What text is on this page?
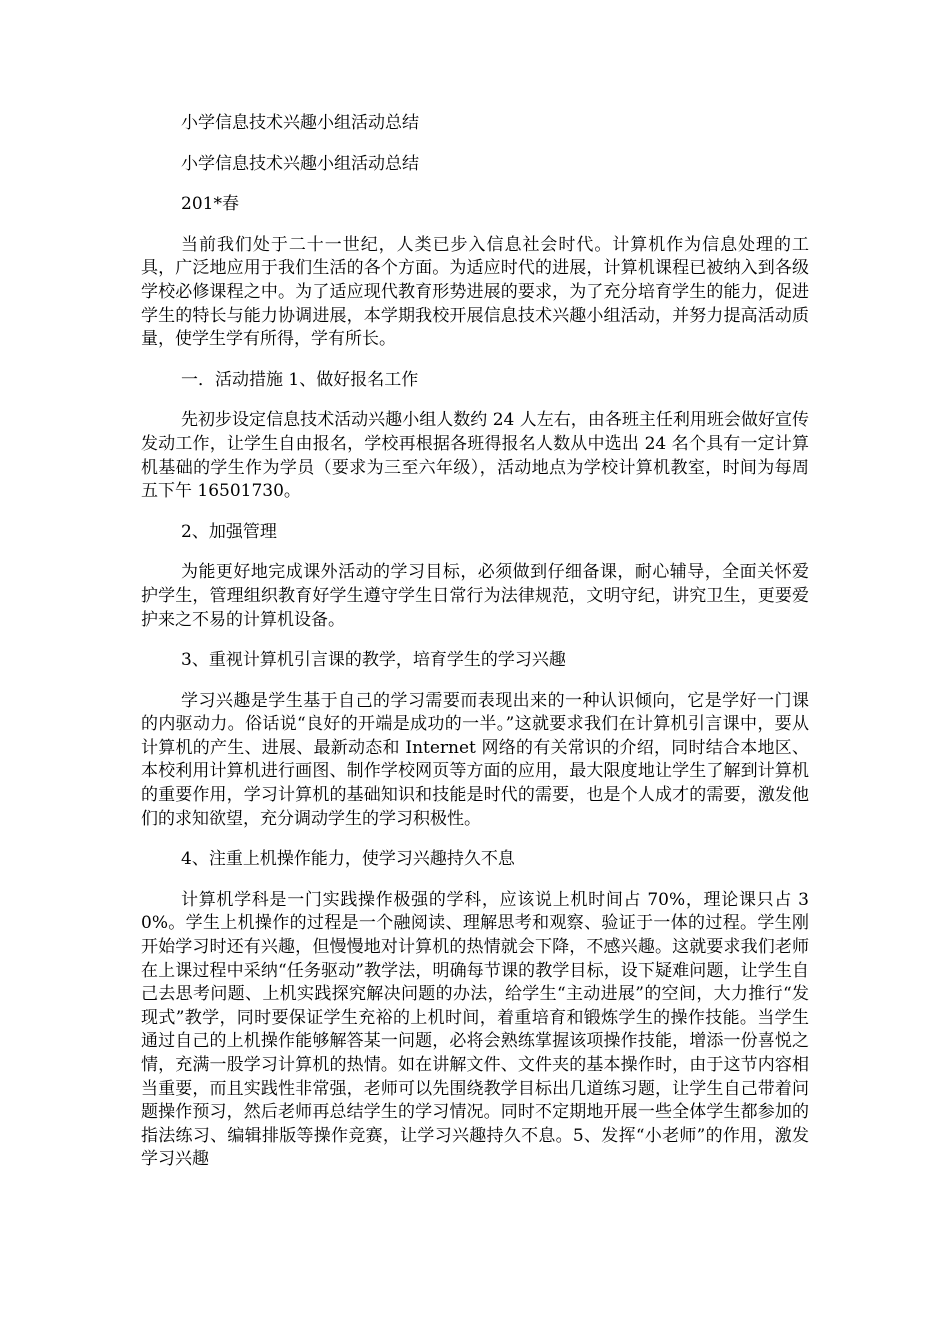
小学信息技术兴趣小组活动总结

小学信息技术兴趣小组活动总结

201*春

当前我们处于二十一世纪，人类已步入信息社会时代。计算机作为信息处理的工具，广泛地应用于我们生活的各个方面。为适应时代的进展，计算机课程已被纳入到各级学校必修课程之中。为了适应现代教育形势进展的要求，为了充分培育学生的能力，促进学生的特长与能力协调进展，本学期我校开展信息技术兴趣小组活动，并努力提高活动质量，使学生学有所得，学有所长。

一．活动措施 1、做好报名工作

先初步设定信息技术活动兴趣小组人数约 24 人左右，由各班主任利用班会做好宣传发动工作，让学生自由报名，学校再根据各班得报名人数从中选出 24 名个具有一定计算机基础的学生作为学员（要求为三至六年级），活动地点为学校计算机教室，时间为每周五下午 16501730。

2、加强管理

为能更好地完成课外活动的学习目标，必须做到仔细备课，耐心辅导，全面关怀爱护学生，管理组织教育好学生遵守学生日常行为法律规范，文明守纪，讲究卫生，更要爱护来之不易的计算机设备。

3、重视计算机引言课的教学，培育学生的学习兴趣

学习兴趣是学生基于自己的学习需要而表现出来的一种认识倾向，它是学好一门课的内驱动力。俗话说“良好的开端是成功的一半。”这就要求我们在计算机引言课中，要从计算机的产生、进展、最新动态和 Internet 网络的有关常识的介绍，同时结合本地区、本校利用计算机进行画图、制作学校网页等方面的应用，最大限度地让学生了解到计算机的重要作用，学习计算机的基础知识和技能是时代的需要，也是个人成才的需要，激发他们的求知欲望，充分调动学生的学习积极性。

4、注重上机操作能力，使学习兴趣持久不息

计算机学科是一门实践操作极强的学科，应该说上机时间占 70%，理论课只占 30%。学生上机操作的过程是一个融阅读、理解思考和观察、验证于一体的过程。学生刚开始学习时还有兴趣，但慢慢地对计算机的热情就会下降，不感兴趣。这就要求我们老师在上课过程中采纳“任务驱动”教学法，明确每节课的教学目标，设下疑难问题，让学生自己去思考问题、上机实践探究解决问题的办法，给学生“主动进展”的空间，大力推行“发现式”教学，同时要保证学生充裕的上机时间，着重培育和锻炼学生的操作技能。当学生通过自己的上机操作能够解答某一问题，必将会熟练掌握该项操作技能，增添一份喜悦之情，充满一股学习计算机的热情。如在讲解文件、文件夹的基本操作时，由于这节内容相当重要，而且实践性非常强，老师可以先围绕教学目标出几道练习题，让学生自己带着问题操作预习，然后老师再总结学生的学习情况。同时不定期地开展一些全体学生都参加的指法练习、编辑排版等操作竞赛，让学习兴趣持久不息。5、发挥“小老师”的作用，激发学习兴趣
